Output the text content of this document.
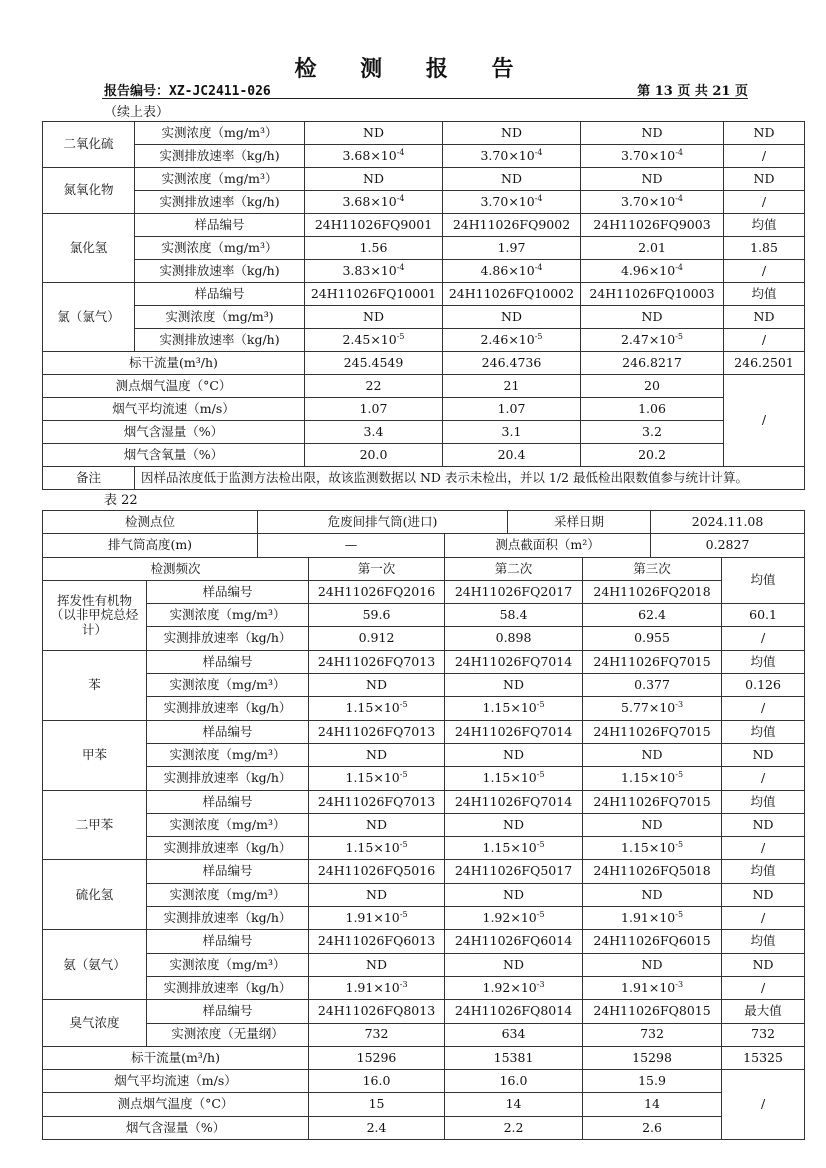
检 测 报 告
报告编号：XZ-JC2411-026	第 13 页 共 21 页
（续上表）
二氧化硫	实测浓度（mg/m³）	ND	ND	ND	ND
	实测排放速率（kg/h)	$3.68\times 10^{-4}$	$3.70\times 10^{-4}$	$3.70\times 10^{-4}$	/
氮氧化物	实测浓度（mg/m³）	ND	ND	ND	ND
	实测排放速率（kg/h)	$3.68\times 10^{-4}$	$3.70\times 10^{-4}$	$3.70\times 10^{-4}$	/
氯化氢	样品编号	24H11026FQ9001	24H11026FQ9002	24H11026FQ9003	均值
	实测浓度（mg/m³）	1.56	1.97	2.01	1.85
	实测排放速率（kg/h)	$3.83\times 10^{-4}$	$4.86\times 10^{-4}$	$4.96\times 10^{-4}$	/
氯（氯气）	样品编号	24H11026FQ10001	24H11026FQ10002	24H11026FQ10003	均值
	实测浓度（mg/m³)	ND	ND	ND	ND
	实测排放速率（kg/h)	$2.45\times 10^{-5}$	$2.46\times 10^{-5}$	$2.47\times 10^{-5}$	/
标干流量(m³/h)		245.4549	246.4736	246.8217	246.2501
测点烟气温度（°C）		22	21	20	/
烟气平均流速（m/s）		1.07	1.07	1.06	
烟气含湿量（%）		3.4	3.1	3.2	
烟气含氧量（%）		20.0	20.4	20.2	
备注	因样品浓度低于监测方法检出限，故该监测数据以 ND 表示未检出，并以 1/2 最低检出限数值参与统计计算。				
表 22
检测点位		危废间排气筒(进口)			采样日期		2024.11.08	
排气筒高度(m)		—		测点截面积（m²）			0.2827	
检测频次			第一次	第二次		第三次		均值
挥发性有机物（以非甲烷总烃计）	样品编号		24H11026FQ2016	24H11026FQ2017		24H11026FQ2018		
	实测浓度（mg/m³）		59.6	58.4		62.4		60.1
	实测排放速率（kg/h）		0.912	0.898		0.955		/
苯	样品编号		24H11026FQ7013	24H11026FQ7014		24H11026FQ7015		均值
	实测浓度（mg/m³）		ND	ND		0.377		0.126
	实测排放速率（kg/h）		$1.15\times 10^{-5}$	$1.15\times 10^{-5}$		$5.77\times 10^{-3}$		/
甲苯	样品编号		24H11026FQ7013	24H11026FQ7014		24H11026FQ7015		均值
	实测浓度（mg/m³）		ND	ND		ND		ND
	实测排放速率（kg/h）		$1.15\times 10^{-5}$	$1.15\times 10^{-5}$		$1.15\times 10^{-5}$		/
二甲苯	样品编号		24H11026FQ7013	24H11026FQ7014		24H11026FQ7015		均值
	实测浓度（mg/m³）		ND	ND		ND		ND
	实测排放速率（kg/h）		$1.15\times 10^{-5}$	$1.15\times 10^{-5}$		$1.15\times 10^{-5}$		/
硫化氢	样品编号		24H11026FQ5016	24H11026FQ5017		24H11026FQ5018		均值
	实测浓度（mg/m³）		ND	ND		ND		ND
	实测排放速率（kg/h）		$1.91\times 10^{-5}$	$1.92\times 10^{-5}$		$1.91\times 10^{-5}$		/
氨（氨气）	样品编号		24H11026FQ6013	24H11026FQ6014		24H11026FQ6015		均值
	实测浓度（mg/m³）		ND	ND		ND		ND
	实测排放速率（kg/h）		$1.91\times 10^{-3}$	$1.92\times 10^{-3}$		$1.91\times 10^{-3}$		/
臭气浓度	样品编号		24H11026FQ8013	24H11026FQ8014		24H11026FQ8015		最大值
	实测浓度（无量纲）		732	634		732		732
标干流量(m³/h)			15296	15381		15298		15325
烟气平均流速（m/s）			16.0	16.0		15.9		/
测点烟气温度（°C）			15	14		14		
烟气含湿量（%）			2.4	2.2		2.6		
